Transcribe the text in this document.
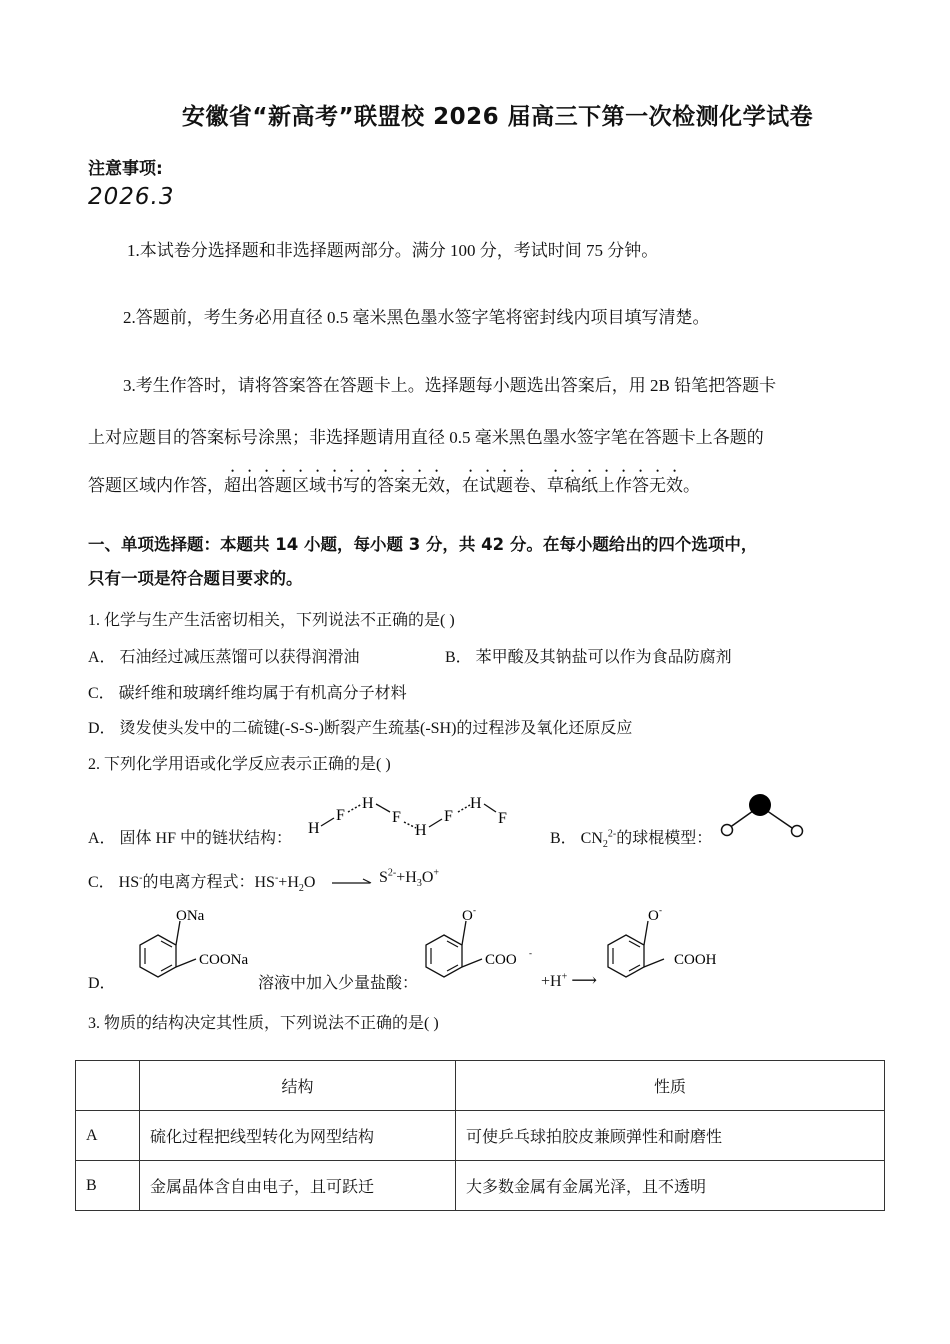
安徽省“新高考”联盟校 2026 届高三下第一次检测化学试卷
注意事项:
2026.3
1.本试卷分选择题和非选择题两部分。满分 100 分，考试时间 75 分钟。
2.答题前，考生务必用直径 0.5 毫米黑色墨水签字笔将密封线内项目填写清楚。
3.考生作答时，请将答案答在答题卡上。选择题每小题选出答案后，用 2B 铅笔把答题卡
上对应题目的答案标号涂黑；非选择题请用直径 0.5 毫米黑色墨水签字笔在答题卡上各题的
答题区域内作答，超出答题区域书写的答案无效，在试题卷、草稿纸上作答无效。
一、单项选择题：本题共 14 小题，每小题 3 分，共 42 分。在每小题给出的四个选项中，
只有一项是符合题目要求的。
1. 化学与生产生活密切相关，下列说法不正确的是( )
A． 石油经过减压蒸馏可以获得润滑油	B． 苯甲酸及其钠盐可以作为食品防腐剂
C． 碳纤维和玻璃纤维均属于有机高分子材料
D． 烫发使头发中的二硫键(-S-S-)断裂产生巯基(-SH)的过程涉及氧化还原反应
2. 下列化学用语或化学反应表示正确的是( )
A． 固体 HF 中的链状结构：
H
F
H
F
H
F
H
F
B． $CN_2^{2-}$的球棍模型：
C． HS-的电离方程式：$HS^-+H_2O \to S^{2-}+H_3O^+$
D．
ONa
COONa
溶液中加入少量盐酸：
O -
COO -
+H+ ⟶
O -
COOH
3. 物质的结构决定其性质，下列说法不正确的是( )
	结构	性质
A	硫化过程把线型转化为网型结构	可使乒乓球拍胶皮兼顾弹性和耐磨性
B	金属晶体含自由电子，且可跃迁	大多数金属有金属光泽，且不透明
